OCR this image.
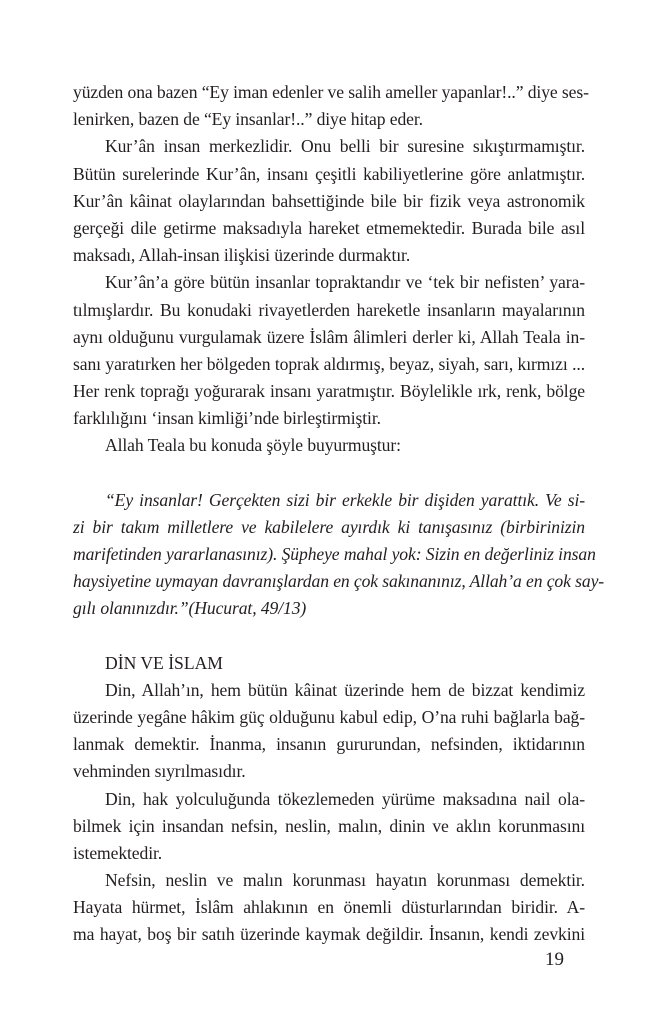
yüzden ona bazen “Ey iman edenler ve salih ameller yapanlar!..” diye ses-
lenirken, bazen de “Ey insanlar!..” diye hitap eder.
Kur’ân insan merkezlidir. Onu belli bir suresine sıkıştırmamıştır.
Bütün surelerinde Kur’ân, insanı çeşitli kabiliyetlerine göre anlatmıştır.
Kur’ân kâinat olaylarından bahsettiğinde bile bir fizik veya astronomik
gerçeği dile getirme maksadıyla hareket etmemektedir. Burada bile asıl
maksadı, Allah-insan ilişkisi üzerinde durmaktır.
Kur’ân’a göre bütün insanlar topraktandır ve ‘tek bir nefisten’ yara-
tılmışlardır. Bu konudaki rivayetlerden hareketle insanların mayalarının
aynı olduğunu vurgulamak üzere İslâm âlimleri derler ki, Allah Teala in-
sanı yaratırken her bölgeden toprak aldırmış, beyaz, siyah, sarı, kırmızı ...
Her renk toprağı yoğurarak insanı yaratmıştır. Böylelikle ırk, renk, bölge
farklılığını ‘insan kimliği’nde birleştirmiştir.
Allah Teala bu konuda şöyle buyurmuştur:
“Ey insanlar! Gerçekten sizi bir erkekle bir dişiden yarattık. Ve si-
zi bir takım milletlere ve kabilelere ayırdık ki tanışasınız (birbirinizin
marifetinden yararlanasınız). Şüpheye mahal yok: Sizin en değerliniz insan
haysiyetine uymayan davranışlardan en çok sakınanınız, Allah’a en çok say-
gılı olanınızdır.”(Hucurat, 49/13)
DİN VE İSLAM
Din, Allah’ın, hem bütün kâinat üzerinde hem de bizzat kendimiz
üzerinde yegâne hâkim güç olduğunu kabul edip, O’na ruhi bağlarla bağ-
lanmak demektir. İnanma, insanın gururundan, nefsinden, iktidarının
vehminden sıyrılmasıdır.
Din, hak yolculuğunda tökezlemeden yürüme maksadına nail ola-
bilmek için insandan nefsin, neslin, malın, dinin ve aklın korunmasını
istemektedir.
Nefsin, neslin ve malın korunması hayatın korunması demektir.
Hayata hürmet, İslâm ahlakının en önemli düsturlarından biridir. A-
ma hayat, boş bir satıh üzerinde kaymak değildir. İnsanın, kendi zevkini
19
